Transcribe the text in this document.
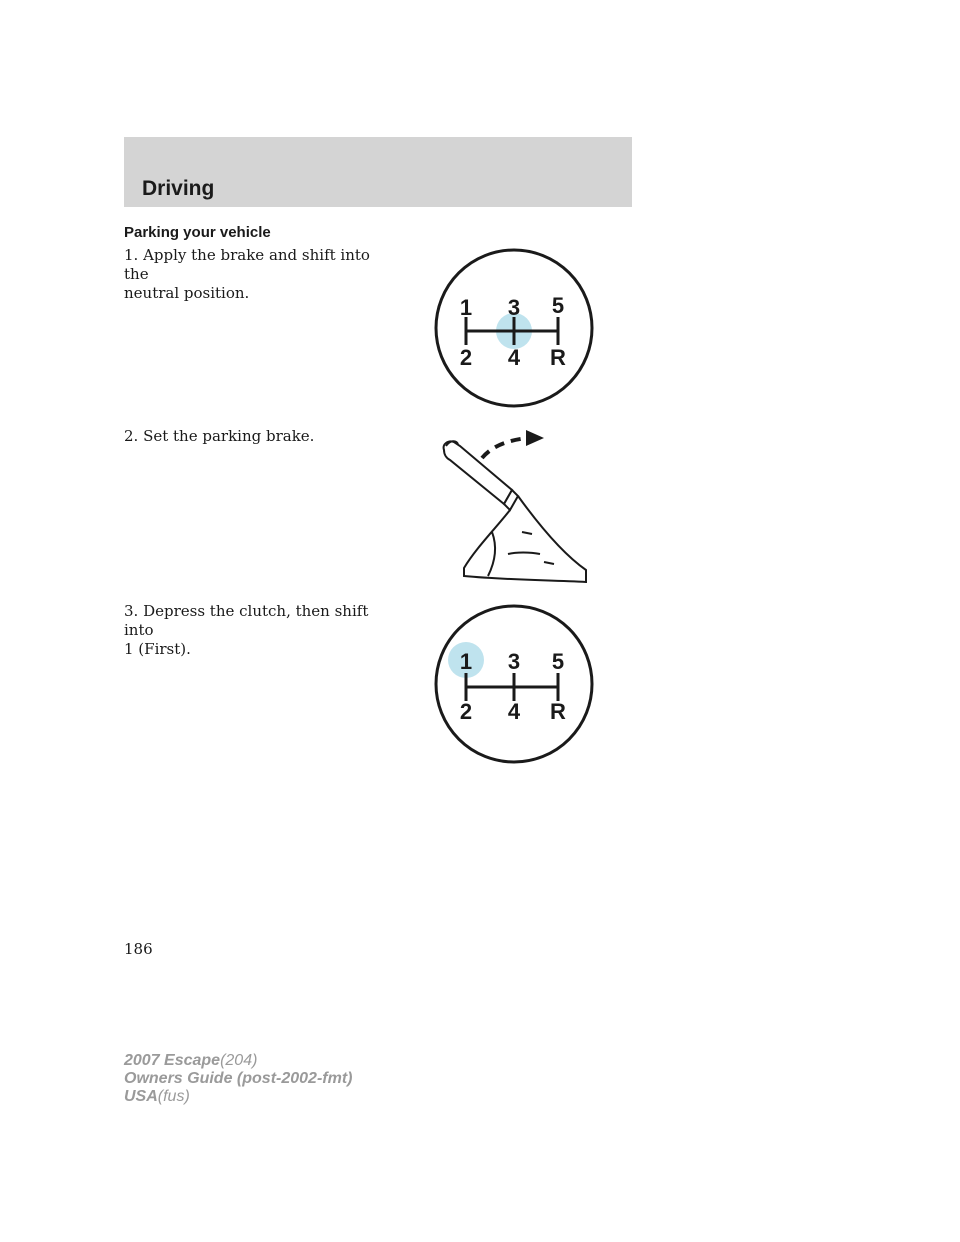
Driving
Parking your vehicle
1. Apply the brake and shift into the
neutral position.
2. Set the parking brake.
3. Depress the clutch, then shift into
1 (First).
1 3 5
2 4 R
1 3 5
2 4 R
186
2007 Escape(204)
Owners Guide (post-2002-fmt)
USA(fus)
